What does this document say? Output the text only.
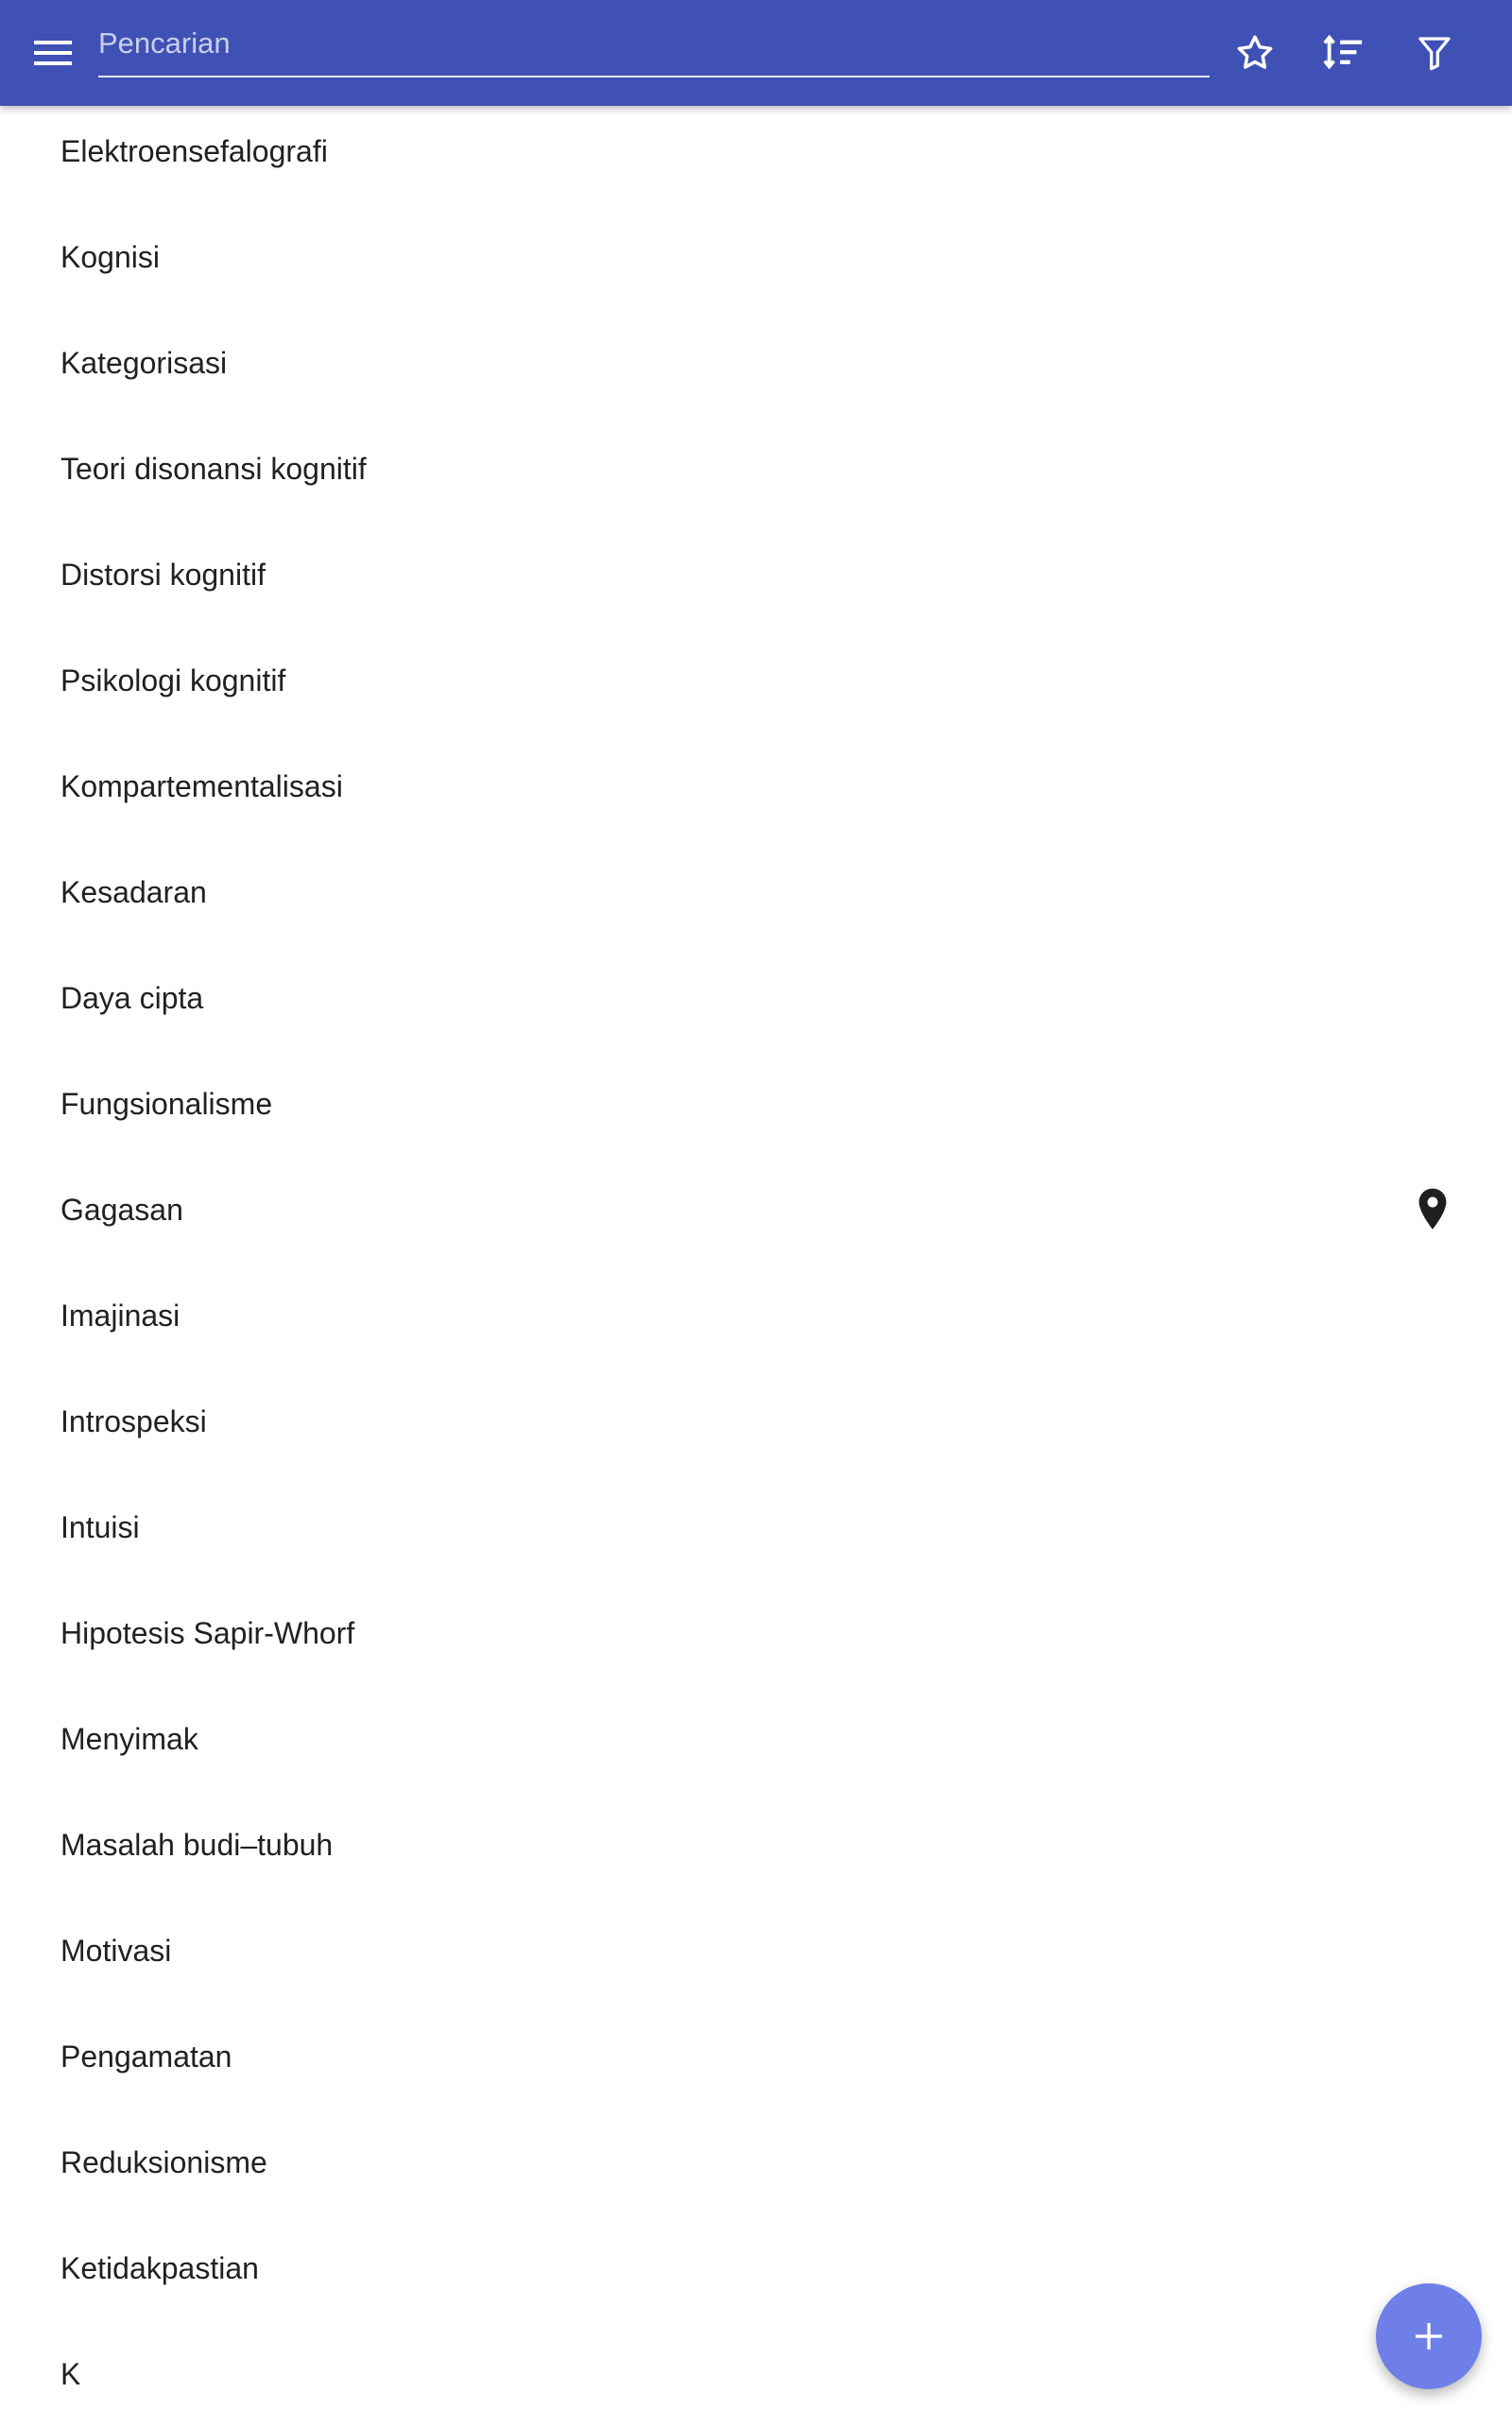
Pencarian
Elektroensefalografi
Kognisi
Kategorisasi
Teori disonansi kognitif
Distorsi kognitif
Psikologi kognitif
Kompartementalisasi
Kesadaran
Daya cipta
Fungsionalisme
Gagasan
Imajinasi
Introspeksi
Intuisi
Hipotesis Sapir-Whorf
Menyimak
Masalah budi–tubuh
Motivasi
Pengamatan
Reduksionisme
Ketidakpastian
K
